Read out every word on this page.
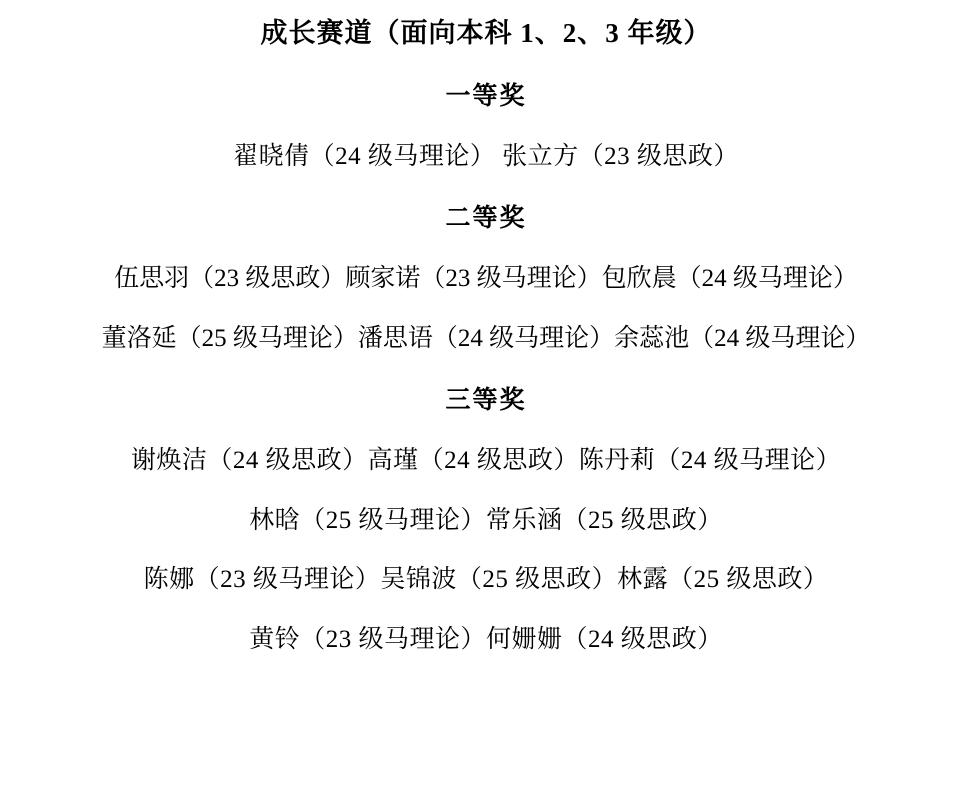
成长赛道（面向本科 1、2、3 年级）
一等奖
翟晓倩（24 级马理论） 张立方（23 级思政）
二等奖
伍思羽（23 级思政）顾家诺（23 级马理论）包欣晨（24 级马理论）
董洛延（25 级马理论）潘思语（24 级马理论）余蕊池（24 级马理论）
三等奖
谢焕洁（24 级思政）高瑾（24 级思政）陈丹莉（24 级马理论）
林晗（25 级马理论）常乐涵（25 级思政）
陈娜（23 级马理论）吴锦波（25 级思政）林露（25 级思政）
黄铃（23 级马理论）何姗姗（24 级思政）
